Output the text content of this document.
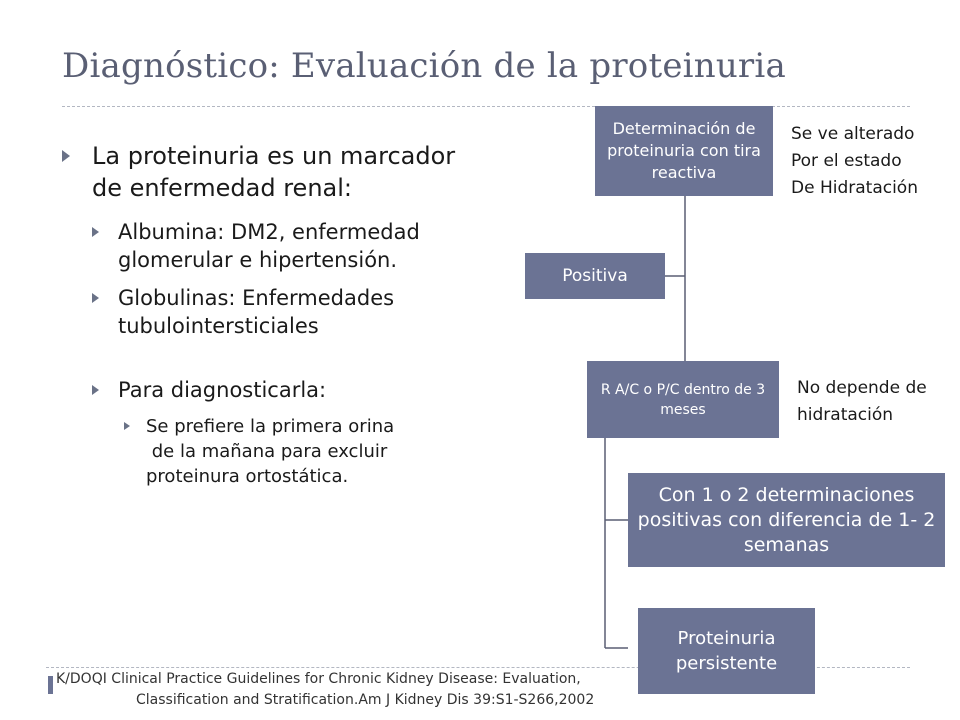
Diagnóstico: Evaluación de la proteinuria
La proteinuria es un marcador de enfermedad renal:
Albumina: DM2, enfermedad glomerular e hipertensión.
Globulinas: Enfermedades tubulointersticiales
Para diagnosticarla:
Se prefiere la primera orina
de la mañana para excluir
proteinura ortostática.
Determinación de proteinuria con tira reactiva
Positiva
R A/C o P/C dentro de 3 meses
Con 1 o 2 determinaciones positivas con diferencia de 1- 2 semanas
Proteinuria persistente
Se ve alterado
Por el estado
De Hidratación
No depende de
hidratación
K/DOQI Clinical Practice Guidelines for Chronic Kidney Disease: Evaluation,
Classification and Stratification.Am J Kidney Dis 39:S1-S266,2002
